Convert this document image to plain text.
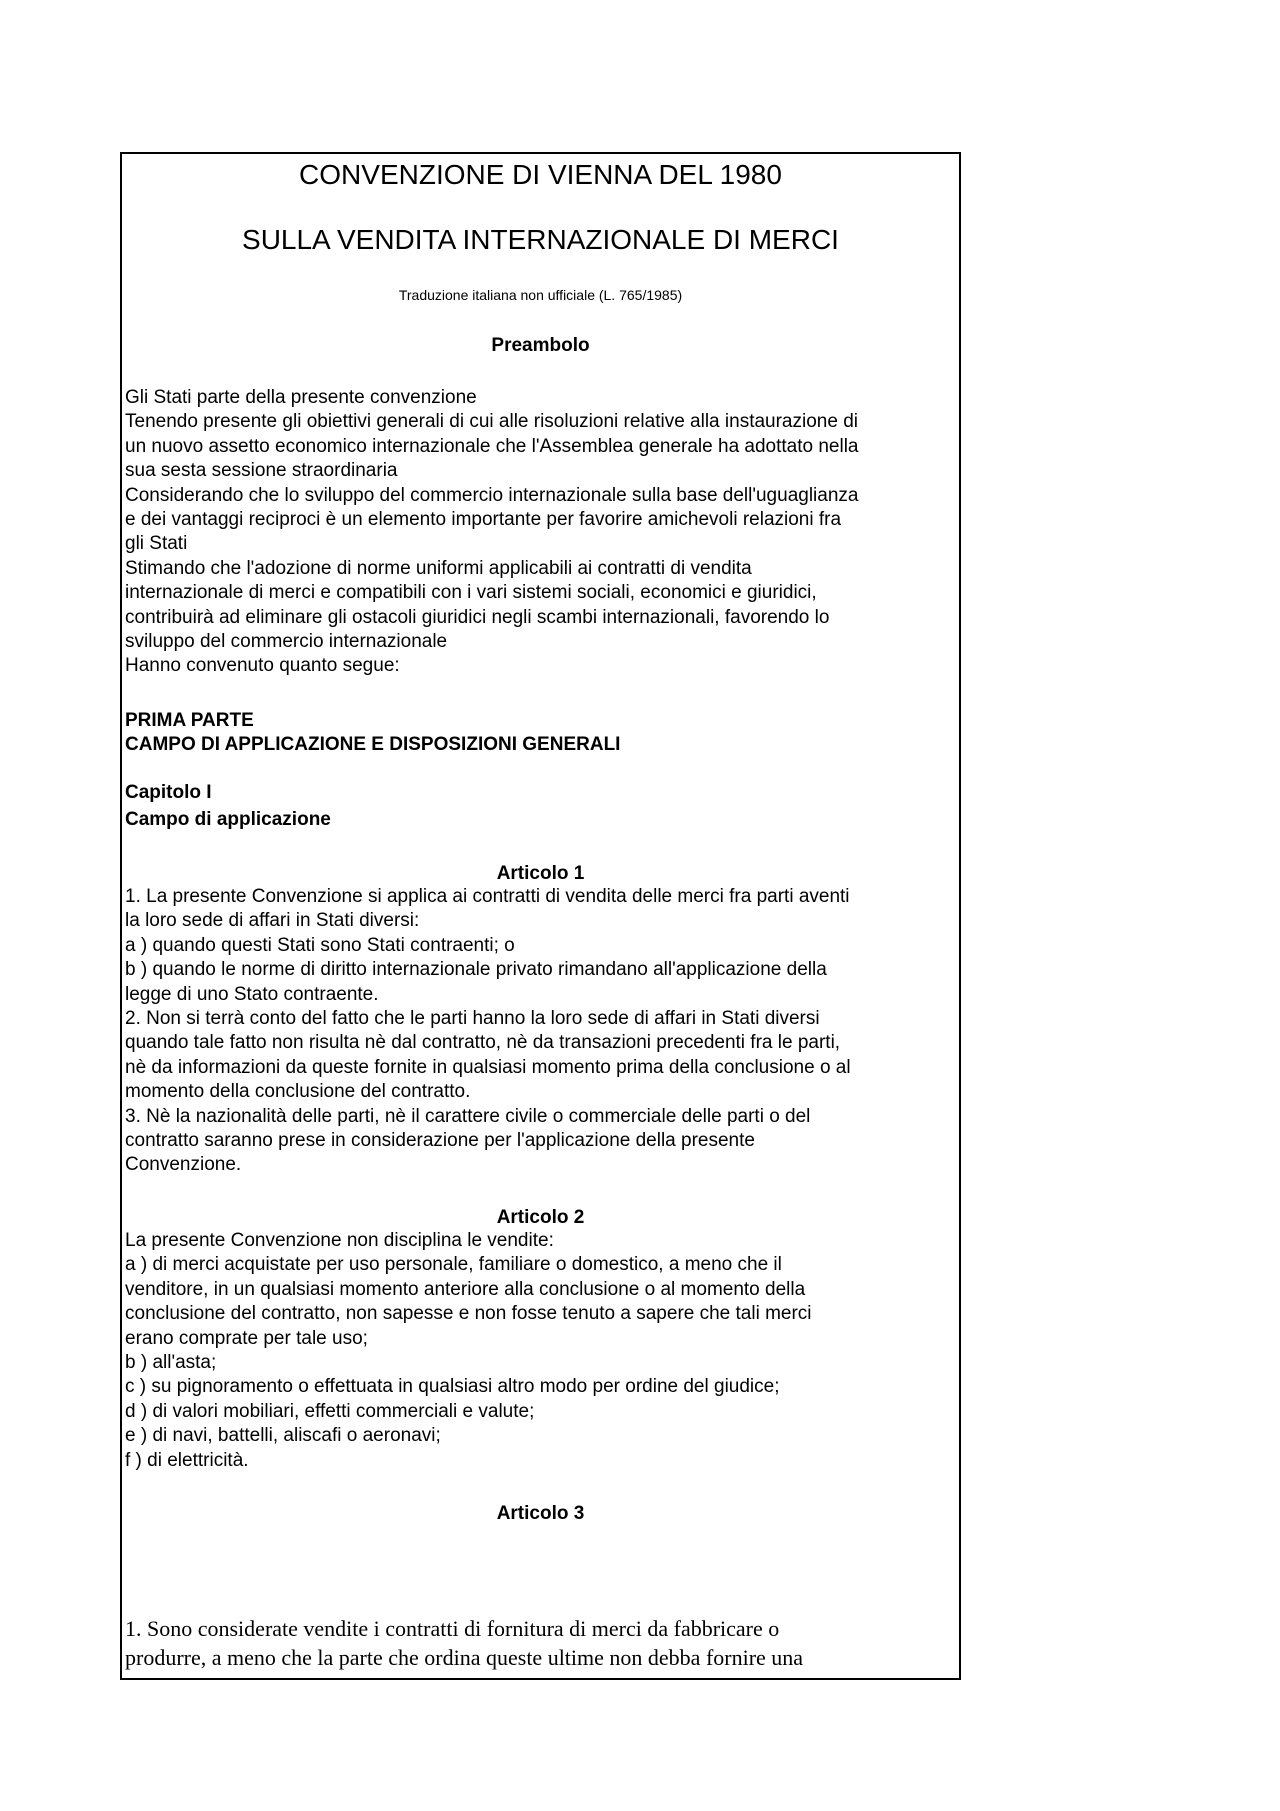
CONVENZIONE DI VIENNA DEL 1980
SULLA VENDITA INTERNAZIONALE DI MERCI
Traduzione italiana non ufficiale (L. 765/1985)
Preambolo
Gli Stati parte della presente convenzione
Tenendo presente gli obiettivi generali di cui alle risoluzioni relative alla instaurazione di
un nuovo assetto economico internazionale che l'Assemblea generale ha adottato nella
sua sesta sessione straordinaria
Considerando che lo sviluppo del commercio internazionale sulla base dell'uguaglianza
e dei vantaggi reciproci è un elemento importante per favorire amichevoli relazioni fra
gli Stati
Stimando che l'adozione di norme uniformi applicabili ai contratti di vendita
internazionale di merci e compatibili con i vari sistemi sociali, economici e giuridici,
contribuirà ad eliminare gli ostacoli giuridici negli scambi internazionali, favorendo lo
sviluppo del commercio internazionale
Hanno convenuto quanto segue:
PRIMA PARTE
CAMPO DI APPLICAZIONE E DISPOSIZIONI GENERALI
Capitolo I
Campo di applicazione
Articolo 1
1. La presente Convenzione si applica ai contratti di vendita delle merci fra parti aventi
la loro sede di affari in Stati diversi:
a ) quando questi Stati sono Stati contraenti; o
b ) quando le norme di diritto internazionale privato rimandano all'applicazione della
legge di uno Stato contraente.
2. Non si terrà conto del fatto che le parti hanno la loro sede di affari in Stati diversi
quando tale fatto non risulta nè dal contratto, nè da transazioni precedenti fra le parti,
nè da informazioni da queste fornite in qualsiasi momento prima della conclusione o al
momento della conclusione del contratto.
3. Nè la nazionalità delle parti, nè il carattere civile o commerciale delle parti o del
contratto saranno prese in considerazione per l'applicazione della presente
Convenzione.
Articolo 2
La presente Convenzione non disciplina le vendite:
a ) di merci acquistate per uso personale, familiare o domestico, a meno che il
venditore, in un qualsiasi momento anteriore alla conclusione o al momento della
conclusione del contratto, non sapesse e non fosse tenuto a sapere che tali merci
erano comprate per tale uso;
b ) all'asta;
c ) su pignoramento o effettuata in qualsiasi altro modo per ordine del giudice;
d ) di valori mobiliari, effetti commerciali e valute;
e ) di navi, battelli, aliscafi o aeronavi;
f ) di elettricità.
Articolo 3
1. Sono considerate vendite i contratti di fornitura di merci da fabbricare o
produrre, a meno che la parte che ordina queste ultime non debba fornire una
